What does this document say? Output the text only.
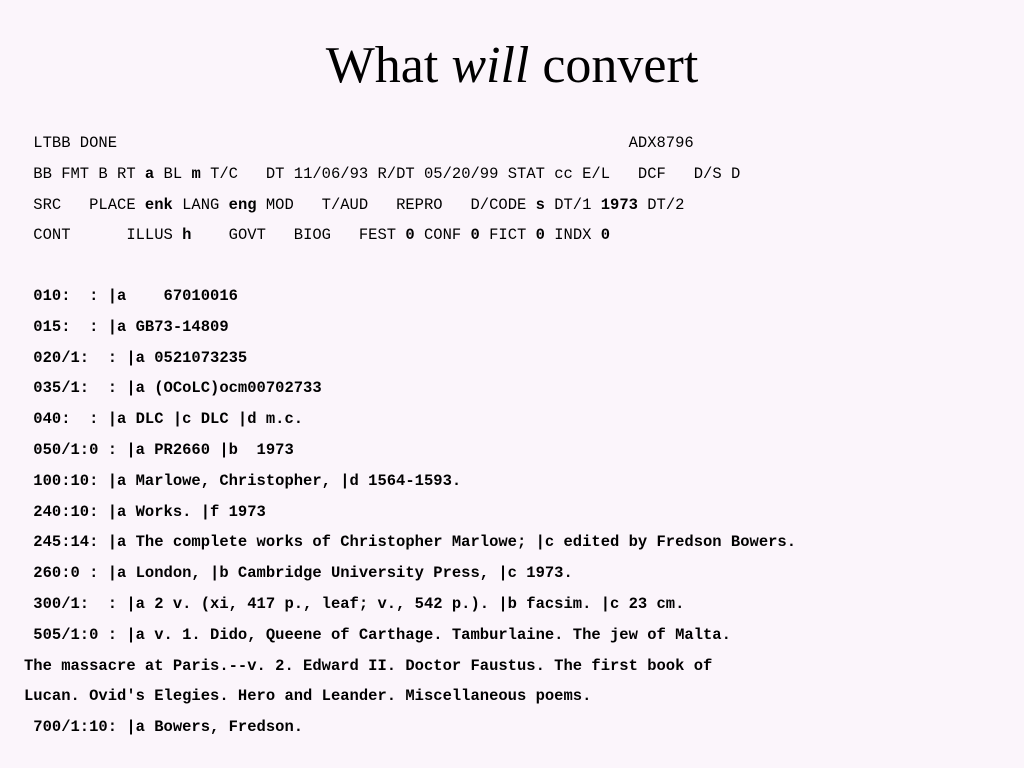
What will convert
LTBB DONE                                                       ADX8796
BB FMT B RT a BL m T/C   DT 11/06/93 R/DT 05/20/99 STAT cc E/L   DCF   D/S D
SRC   PLACE enk LANG eng MOD   T/AUD   REPRO   D/CODE s DT/1 1973 DT/2
CONT      ILLUS h    GOVT   BIOG   FEST 0 CONF 0 FICT 0 INDX 0
010:  : |a    67010016
015:  : |a GB73-14809
020/1:  : |a 0521073235
035/1:  : |a (OCoLC)ocm00702733
040:  : |a DLC |c DLC |d m.c.
050/1:0 : |a PR2660 |b  1973
100:10: |a Marlowe, Christopher, |d 1564-1593.
240:10: |a Works. |f 1973
245:14: |a The complete works of Christopher Marlowe; |c edited by Fredson Bowers.
260:0 : |a London, |b Cambridge University Press, |c 1973.
300/1:  : |a 2 v. (xi, 417 p., leaf; v., 542 p.). |b facsim. |c 23 cm.
505/1:0 : |a v. 1. Dido, Queene of Carthage. Tamburlaine. The jew of Malta.
The massacre at Paris.--v. 2. Edward II. Doctor Faustus. The first book of
Lucan. Ovid's Elegies. Hero and Leander. Miscellaneous poems.
700/1:10: |a Bowers, Fredson.
